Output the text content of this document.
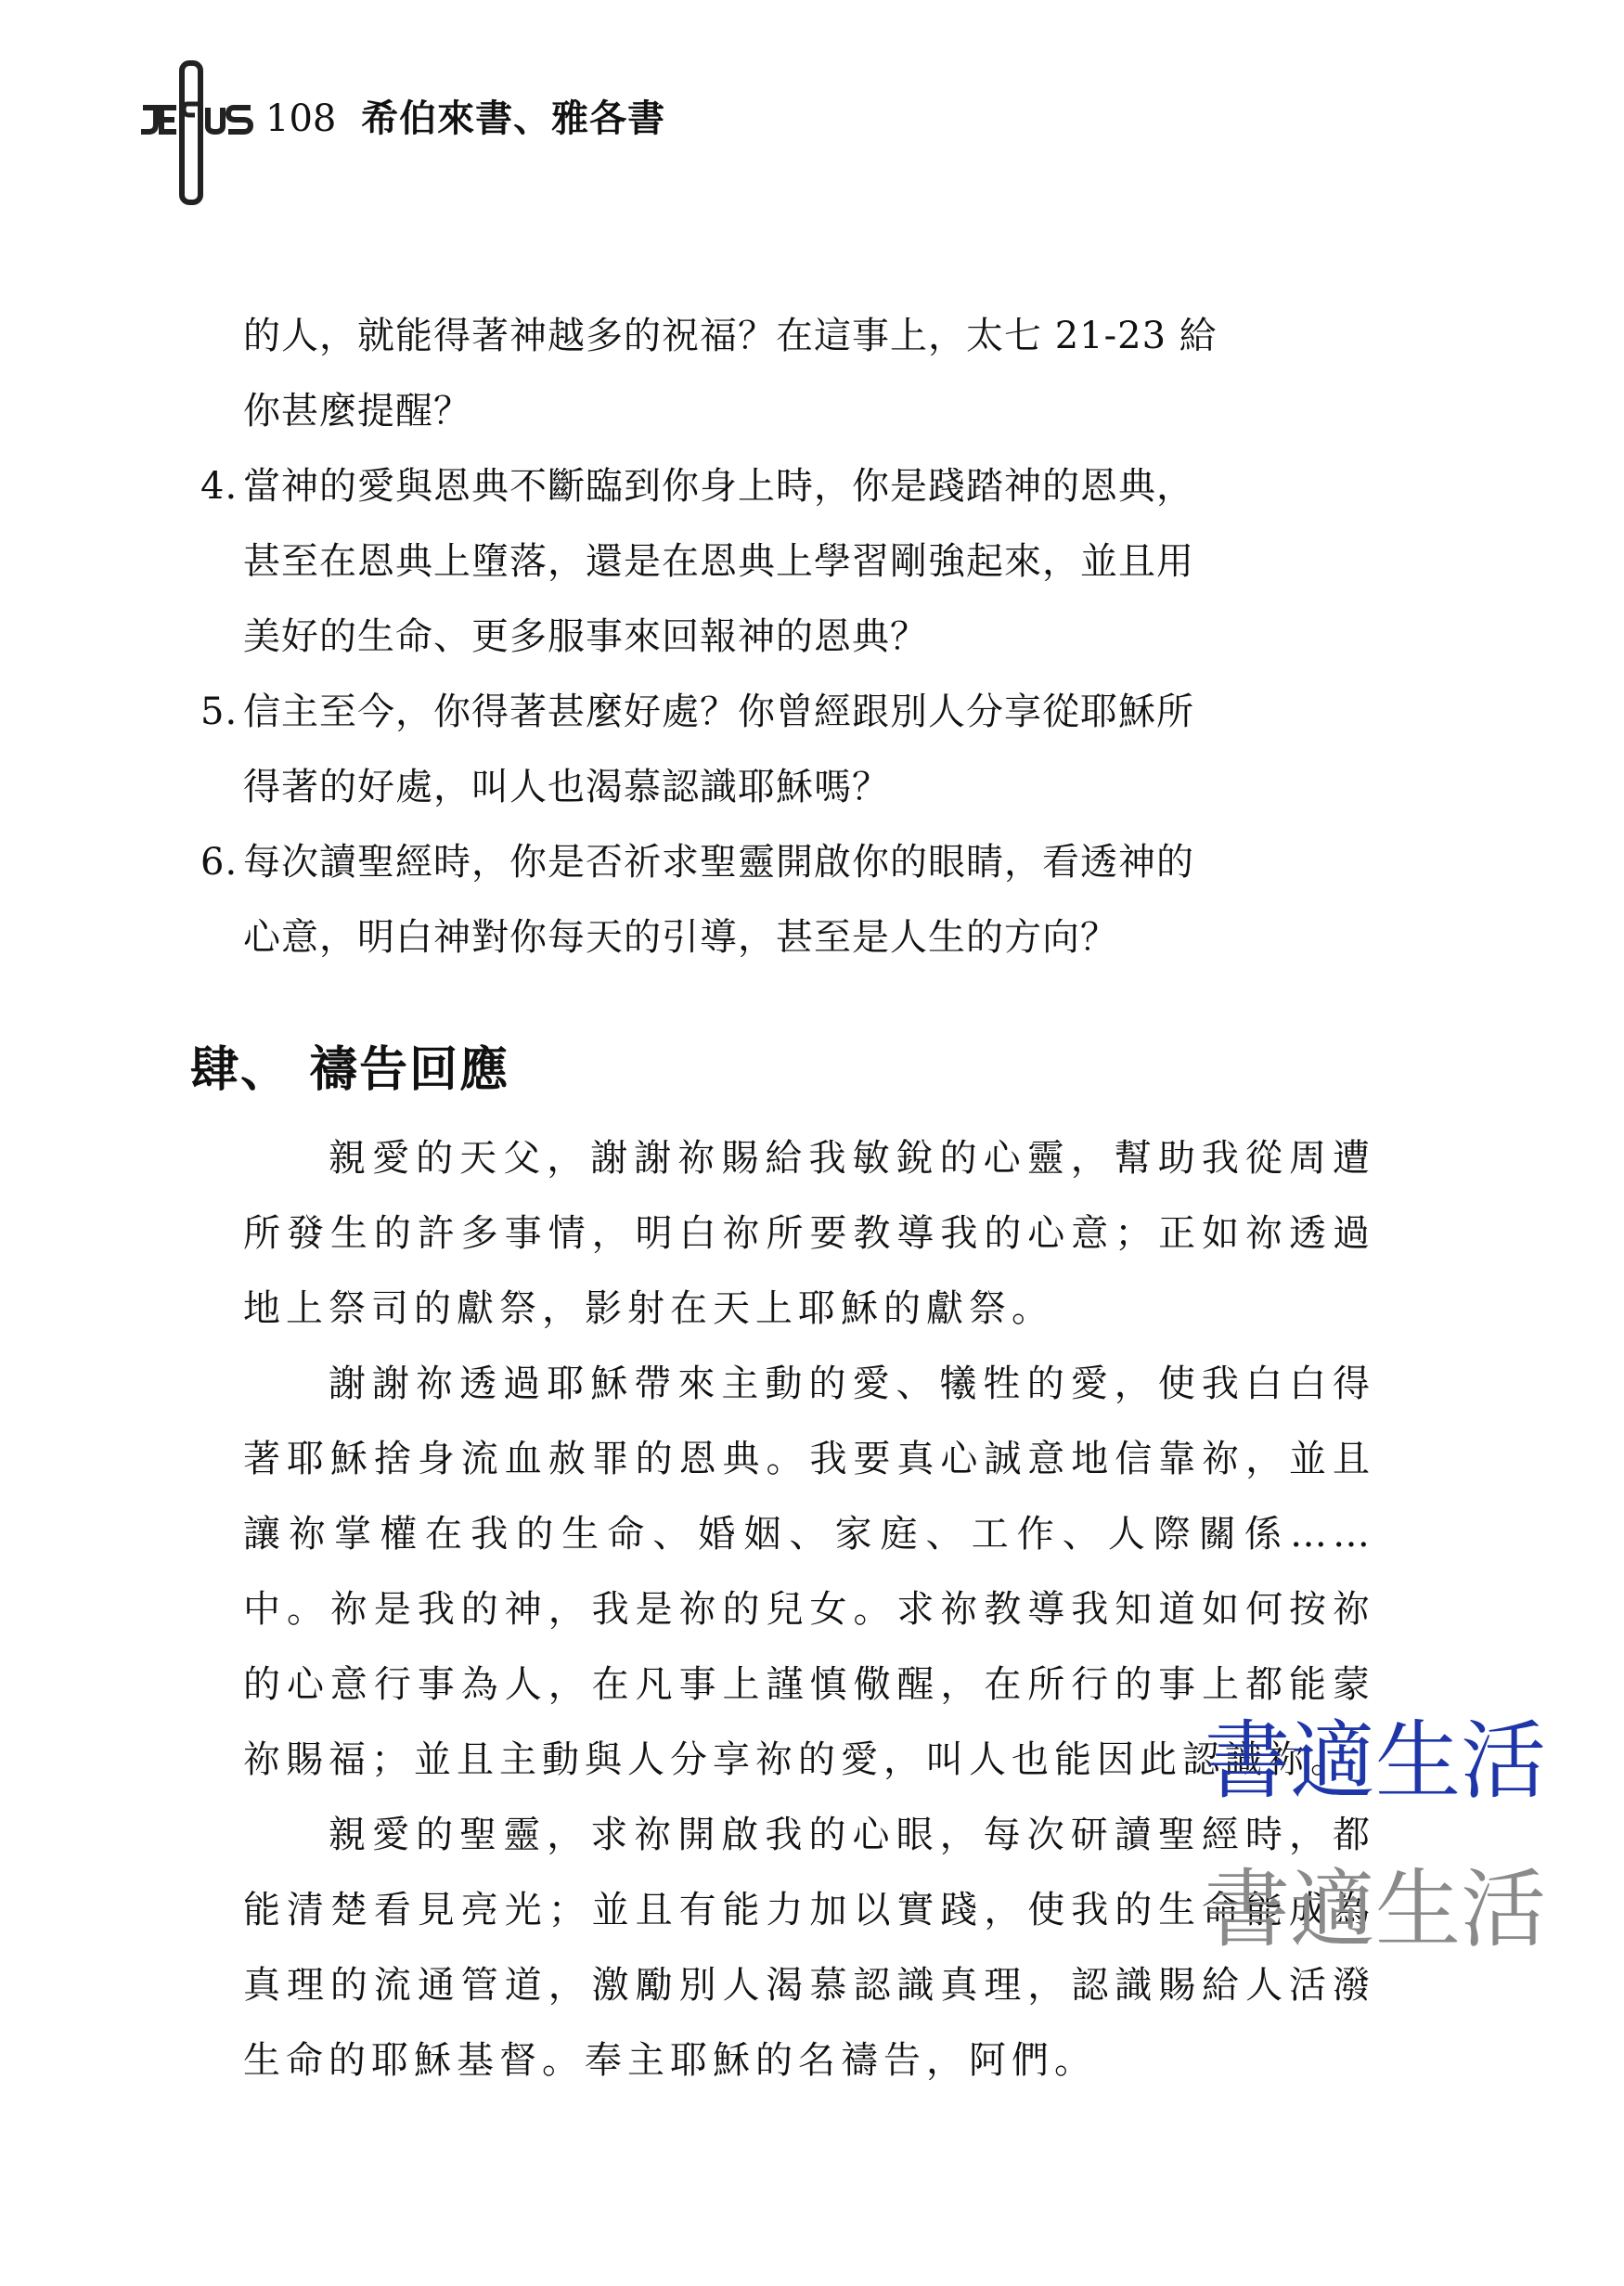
108 希伯來書、雅各書

的人，就能得著神越多的祝福？在這事上，太七 21-23 給

你甚麼提醒？

4. 當神的愛與恩典不斷臨到你身上時，你是踐踏神的恩典，
甚至在恩典上墮落，還是在恩典上學習剛強起來，並且用
美好的生命、更多服事來回報神的恩典？
5. 信主至今，你得著甚麼好處？你曾經跟別人分享從耶穌所
得著的好處，叫人也渴慕認識耶穌嗎？
6. 每次讀聖經時，你是否祈求聖靈開啟你的眼睛，看透神的
心意，明白神對你每天的引導，甚至是人生的方向？
肆、 禱告回應

親愛的天父，謝謝祢賜給我敏銳的心靈，幫助我從周遭所發生的許多事情，明白祢所要教導我的心意；正如祢透過地上祭司的獻祭，影射在天上耶穌的獻祭。

謝謝祢透過耶穌帶來主動的愛、犧牲的愛，使我白白得著耶穌捨身流血赦罪的恩典。我要真心誠意地信靠祢，並且讓祢掌權在我的生命、婚姻、家庭、工作、人際關係……中。祢是我的神，我是祢的兒女。求祢教導我知道如何按祢的心意行事為人，在凡事上謹慎儆醒，在所行的事上都能蒙祢賜福；並且主動與人分享祢的愛，叫人也能因此認識祢。

親愛的聖靈，求祢開啟我的心眼，每次研讀聖經時，都能清楚看見亮光；並且有能力加以實踐，使我的生命能成為真理的流通管道，激勵別人渴慕認識真理，認識賜給人活潑生命的耶穌基督。奉主耶穌的名禱告，阿們。

書適生活
書適生活
